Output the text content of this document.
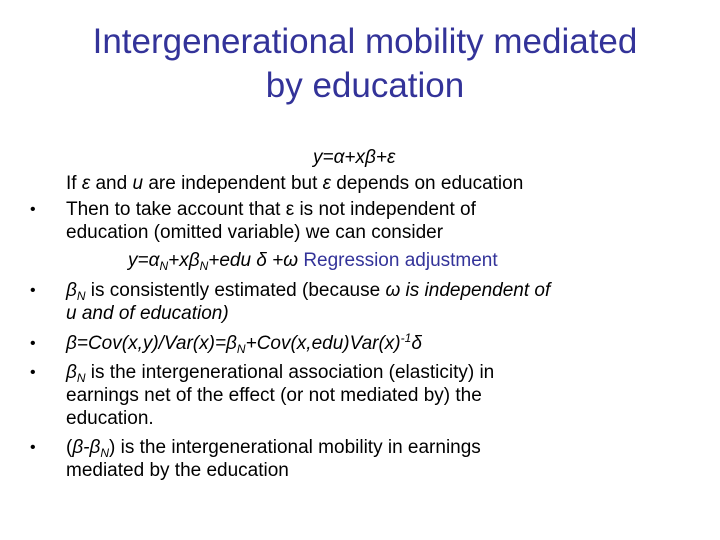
Intergenerational mobility mediated
by education
y=α+xβ+ε
If ε and u are independent but ε depends on education
• Then to take account that ε is not independent of
education (omitted variable) we can consider
$y=\alpha_N+x\beta_N+edu$ δ +ω Regression adjustment
• $\beta_N$ is consistently estimated (because ω is independent of
u and of education)
• $\beta=Cov(x,y)/Var(x)=\beta_N+Cov(x,edu)Var(x)^{-1}\delta$
• $\beta_N$ is the intergenerational association (elasticity) in
earnings net of the effect (or not mediated by) the
education.
• $(\beta-\beta_N)$ is the intergenerational mobility in earnings
mediated by the education
